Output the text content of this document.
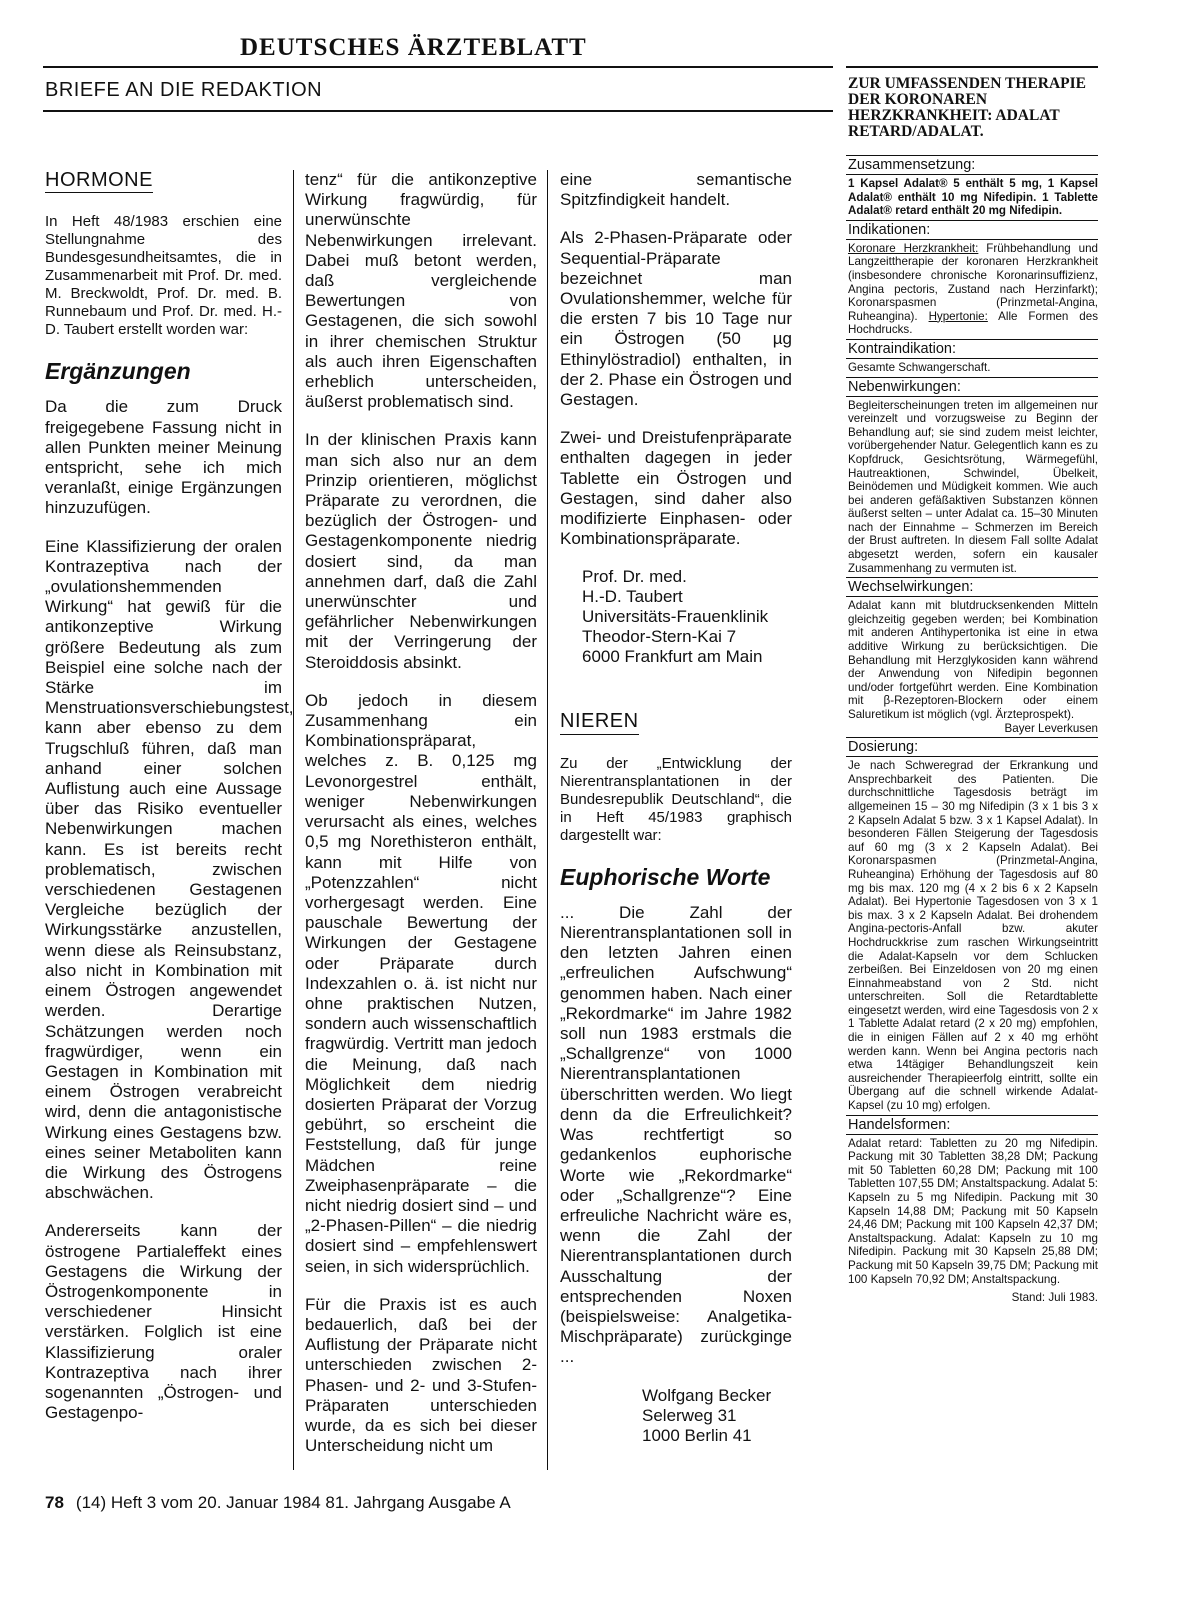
DEUTSCHES ÄRZTEBLATT
BRIEFE AN DIE REDAKTION
HORMONE

In Heft 48/1983 erschien eine Stellungnahme des Bundesgesundheitsamtes, die in Zusammenarbeit mit Prof. Dr. med. M. Breckwoldt, Prof. Dr. med. B. Runnebaum und Prof. Dr. med. H.-D. Taubert erstellt worden war:

Ergänzungen

Da die zum Druck freigegebene Fassung nicht in allen Punkten meiner Meinung entspricht, sehe ich mich veranlaßt, einige Ergänzungen hinzuzufügen.

Eine Klassifizierung der oralen Kontrazeptiva nach der „ovulationshemmenden Wirkung“ hat gewiß für die antikonzeptive Wirkung größere Bedeutung als zum Beispiel eine solche nach der Stärke im Menstruationsverschiebungstest, kann aber ebenso zu dem Trugschluß führen, daß man anhand einer solchen Auflistung auch eine Aussage über das Risiko eventueller Nebenwirkungen machen kann. Es ist bereits recht problematisch, zwischen verschiedenen Gestagenen Vergleiche bezüglich der Wirkungsstärke anzustellen, wenn diese als Reinsubstanz, also nicht in Kombination mit einem Östrogen angewendet werden. Derartige Schätzungen werden noch fragwürdiger, wenn ein Gestagen in Kombination mit einem Östrogen verabreicht wird, denn die antagonistische Wirkung eines Gestagens bzw. eines seiner Metaboliten kann die Wirkung des Östrogens abschwächen.

Andererseits kann der östrogene Partialeffekt eines Gestagens die Wirkung der Östrogenkomponente in verschiedener Hinsicht verstärken. Folglich ist eine Klassifizierung oraler Kontrazeptiva nach ihrer sogenannten „Östrogen- und Gestagenpo-

tenz“ für die antikonzeptive Wirkung fragwürdig, für unerwünschte Nebenwirkungen irrelevant. Dabei muß betont werden, daß vergleichende Bewertungen von Gestagenen, die sich sowohl in ihrer chemischen Struktur als auch ihren Eigenschaften erheblich unterscheiden, äußerst problematisch sind.

In der klinischen Praxis kann man sich also nur an dem Prinzip orientieren, möglichst Präparate zu verordnen, die bezüglich der Östrogen- und Gestagenkomponente niedrig dosiert sind, da man annehmen darf, daß die Zahl unerwünschter und gefährlicher Nebenwirkungen mit der Verringerung der Steroiddosis absinkt.

Ob jedoch in diesem Zusammenhang ein Kombinationspräparat, welches z. B. 0,125 mg Levonorgestrel enthält, weniger Nebenwirkungen verursacht als eines, welches 0,5 mg Norethisteron enthält, kann mit Hilfe von „Potenzzahlen“ nicht vorhergesagt werden. Eine pauschale Bewertung der Wirkungen der Gestagene oder Präparate durch Indexzahlen o. ä. ist nicht nur ohne praktischen Nutzen, sondern auch wissenschaftlich fragwürdig. Vertritt man jedoch die Meinung, daß nach Möglichkeit dem niedrig dosierten Präparat der Vorzug gebührt, so erscheint die Feststellung, daß für junge Mädchen reine Zweiphasenpräparate – die nicht niedrig dosiert sind – und „2-Phasen-Pillen“ – die niedrig dosiert sind – empfehlenswert seien, in sich widersprüchlich.

Für die Praxis ist es auch bedauerlich, daß bei der Auflistung der Präparate nicht unterschieden zwischen 2-Phasen- und 2- und 3-Stufen-Präparaten unterschieden wurde, da es sich bei dieser Unterscheidung nicht um

eine semantische Spitzfindigkeit handelt.

Als 2-Phasen-Präparate oder Sequential-Präparate bezeichnet man Ovulationshemmer, welche für die ersten 7 bis 10 Tage nur ein Östrogen (50 µg Ethinylöstradiol) enthalten, in der 2. Phase ein Östrogen und Gestagen.

Zwei- und Dreistufenpräparate enthalten dagegen in jeder Tablette ein Östrogen und Gestagen, sind daher also modifizierte Einphasen- oder Kombinationspräparate.

Prof. Dr. med.
H.-D. Taubert
Universitäts-Frauenklinik
Theodor-Stern-Kai 7
6000 Frankfurt am Main
NIEREN

Zu der „Entwicklung der Nierentransplantationen in der Bundesrepublik Deutschland“, die in Heft 45/1983 graphisch dargestellt war:

Euphorische Worte

... Die Zahl der Nierentransplantationen soll in den letzten Jahren einen „erfreulichen Aufschwung“ genommen haben. Nach einer „Rekordmarke“ im Jahre 1982 soll nun 1983 erstmals die „Schallgrenze“ von 1000 Nierentransplantationen überschritten werden. Wo liegt denn da die Erfreulichkeit? Was rechtfertigt so gedankenlos euphorische Worte wie „Rekordmarke“ oder „Schallgrenze“? Eine erfreuliche Nachricht wäre es, wenn die Zahl der Nierentransplantationen durch Ausschaltung der entsprechenden Noxen (beispielsweise: Analgetika-Mischpräparate) zurückginge ...

Wolfgang Becker
Selerweg 31
1000 Berlin 41
78 (14) Heft 3 vom 20. Januar 1984 81. Jahrgang Ausgabe A
ZUR UMFASSENDEN THERAPIE DER KORONAREN HERZKRANKHEIT: ADALAT RETARD/ADALAT.
Zusammensetzung:
1 Kapsel Adalat® 5 enthält 5 mg, 1 Kapsel Adalat® enthält 10 mg Nifedipin. 1 Tablette Adalat® retard enthält 20 mg Nifedipin.
Indikationen:
Koronare Herzkrankheit: Frühbehandlung und Langzeittherapie der koronaren Herzkrankheit (insbesondere chronische Koronarinsuffizienz, Angina pectoris, Zustand nach Herzinfarkt); Koronarspasmen (Prinzmetal-Angina, Ruheangina). Hypertonie: Alle Formen des Hochdrucks.
Kontraindikation:
Gesamte Schwangerschaft.
Nebenwirkungen:
Begleiterscheinungen treten im allgemeinen nur vereinzelt und vorzugsweise zu Beginn der Behandlung auf; sie sind zudem meist leichter, vorübergehender Natur. Gelegentlich kann es zu Kopfdruck, Gesichtsrötung, Wärmegefühl, Hautreaktionen, Schwindel, Übelkeit, Beinödemen und Müdigkeit kommen. Wie auch bei anderen gefäßaktiven Substanzen können äußerst selten – unter Adalat ca. 15–30 Minuten nach der Einnahme – Schmerzen im Bereich der Brust auftreten. In diesem Fall sollte Adalat abgesetzt werden, sofern ein kausaler Zusammenhang zu vermuten ist.
Wechselwirkungen:
Adalat kann mit blutdrucksenkenden Mitteln gleichzeitig gegeben werden; bei Kombination mit anderen Antihypertonika ist eine in etwa additive Wirkung zu berücksichtigen. Die Behandlung mit Herzglykosiden kann während der Anwendung von Nifedipin begonnen und/oder fortgeführt werden. Eine Kombination mit β-Rezeptoren-Blockern oder einem Saluretikum ist möglich (vgl. Ärzteprospekt).
Bayer Leverkusen
Dosierung:
Je nach Schweregrad der Erkrankung und Ansprechbarkeit des Patienten. Die durchschnittliche Tagesdosis beträgt im allgemeinen 15 – 30 mg Nifedipin (3 x 1 bis 3 x 2 Kapseln Adalat 5 bzw. 3 x 1 Kapsel Adalat). In besonderen Fällen Steigerung der Tagesdosis auf 60 mg (3 x 2 Kapseln Adalat). Bei Koronarspasmen (Prinzmetal-Angina, Ruheangina) Erhöhung der Tagesdosis auf 80 mg bis max. 120 mg (4 x 2 bis 6 x 2 Kapseln Adalat). Bei Hypertonie Tagesdosen von 3 x 1 bis max. 3 x 2 Kapseln Adalat. Bei drohendem Angina-pectoris-Anfall bzw. akuter Hochdruckkrise zum raschen Wirkungseintritt die Adalat-Kapseln vor dem Schlucken zerbeißen. Bei Einzeldosen von 20 mg einen Einnahmeabstand von 2 Std. nicht unterschreiten. Soll die Retardtablette eingesetzt werden, wird eine Tagesdosis von 2 x 1 Tablette Adalat retard (2 x 20 mg) empfohlen, die in einigen Fällen auf 2 x 40 mg erhöht werden kann. Wenn bei Angina pectoris nach etwa 14tägiger Behandlungszeit kein ausreichender Therapieerfolg eintritt, sollte ein Übergang auf die schnell wirkende Adalat-Kapsel (zu 10 mg) erfolgen.
Handelsformen:
Adalat retard: Tabletten zu 20 mg Nifedipin. Packung mit 30 Tabletten 38,28 DM; Packung mit 50 Tabletten 60,28 DM; Packung mit 100 Tabletten 107,55 DM; Anstaltspackung. Adalat 5: Kapseln zu 5 mg Nifedipin. Packung mit 30 Kapseln 14,88 DM; Packung mit 50 Kapseln 24,46 DM; Packung mit 100 Kapseln 42,37 DM; Anstaltspackung. Adalat: Kapseln zu 10 mg Nifedipin. Packung mit 30 Kapseln 25,88 DM; Packung mit 50 Kapseln 39,75 DM; Packung mit 100 Kapseln 70,92 DM; Anstaltspackung.
Stand: Juli 1983.
